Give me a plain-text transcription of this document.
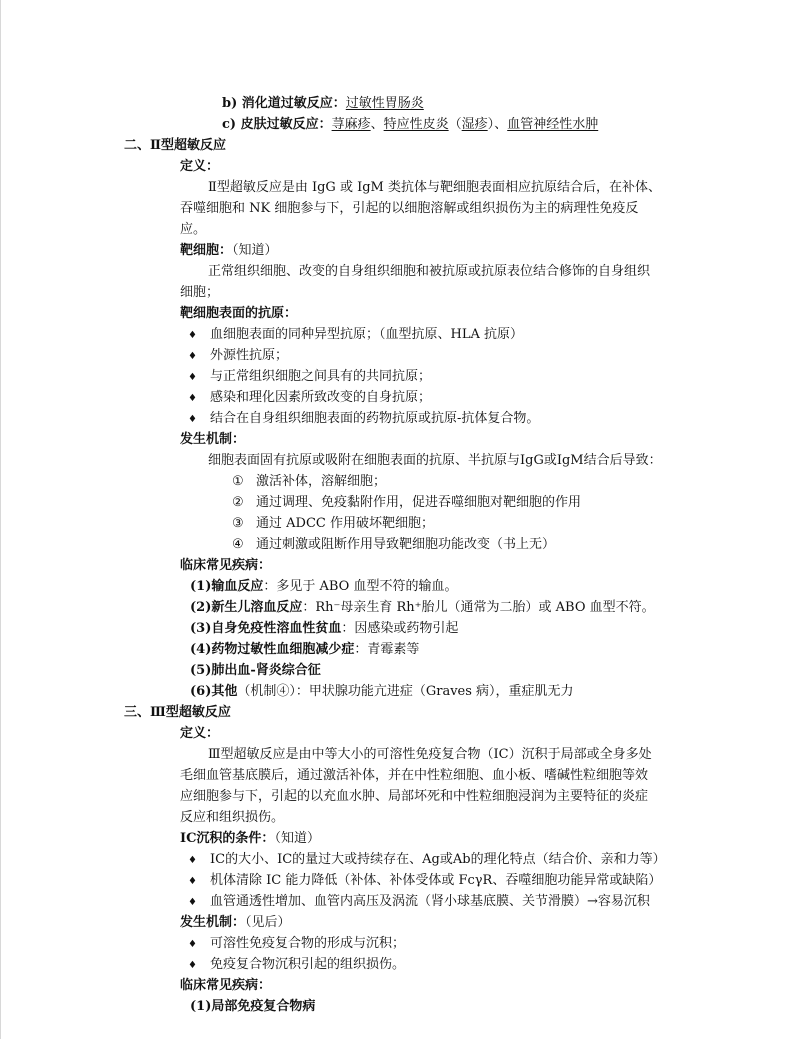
b) 消化道过敏反应：过敏性胃肠炎
c) 皮肤过敏反应：荨麻疹、特应性皮炎（湿疹）、血管神经性水肿
二、Ⅱ型超敏反应
定义：
Ⅱ型超敏反应是由 IgG 或 IgM 类抗体与靶细胞表面相应抗原结合后，在补体、
吞噬细胞和 NK 细胞参与下，引起的以细胞溶解或组织损伤为主的病理性免疫反
应。
靶细胞：（知道）
正常组织细胞、改变的自身组织细胞和被抗原或抗原表位结合修饰的自身组织
细胞；
靶细胞表面的抗原：
♦ 血细胞表面的同种异型抗原；（血型抗原、HLA 抗原）
♦ 外源性抗原；
♦ 与正常组织细胞之间具有的共同抗原；
♦ 感染和理化因素所致改变的自身抗原；
♦ 结合在自身组织细胞表面的药物抗原或抗原-抗体复合物。
发生机制：
细胞表面固有抗原或吸附在细胞表面的抗原、半抗原与IgG或IgM结合后导致：
① 激活补体，溶解细胞；
② 通过调理、免疫黏附作用，促进吞噬细胞对靶细胞的作用
③ 通过 ADCC 作用破坏靶细胞；
④ 通过刺激或阻断作用导致靶细胞功能改变（书上无）
临床常见疾病：
(1)输血反应：多见于 ABO 血型不符的输血。
(2)新生儿溶血反应：Rh⁻母亲生育 Rh⁺胎儿（通常为二胎）或 ABO 血型不符。
(3)自身免疫性溶血性贫血：因感染或药物引起
(4)药物过敏性血细胞减少症：青霉素等
(5)肺出血-肾炎综合征
(6)其他（机制④）：甲状腺功能亢进症（Graves 病），重症肌无力
三、Ⅲ型超敏反应
定义：
Ⅲ型超敏反应是由中等大小的可溶性免疫复合物（IC）沉积于局部或全身多处
毛细血管基底膜后，通过激活补体，并在中性粒细胞、血小板、嗜碱性粒细胞等效
应细胞参与下，引起的以充血水肿、局部坏死和中性粒细胞浸润为主要特征的炎症
反应和组织损伤。
IC沉积的条件：（知道）
♦ IC的大小、IC的量过大或持续存在、Ag或Ab的理化特点（结合价、亲和力等）
♦ 机体清除 IC 能力降低（补体、补体受体或 FcγR、吞噬细胞功能异常或缺陷）
♦ 血管通透性增加、血管内高压及涡流（肾小球基底膜、关节滑膜）→容易沉积
发生机制：（见后）
♦ 可溶性免疫复合物的形成与沉积；
♦ 免疫复合物沉积引起的组织损伤。
临床常见疾病：
(1)局部免疫复合物病
